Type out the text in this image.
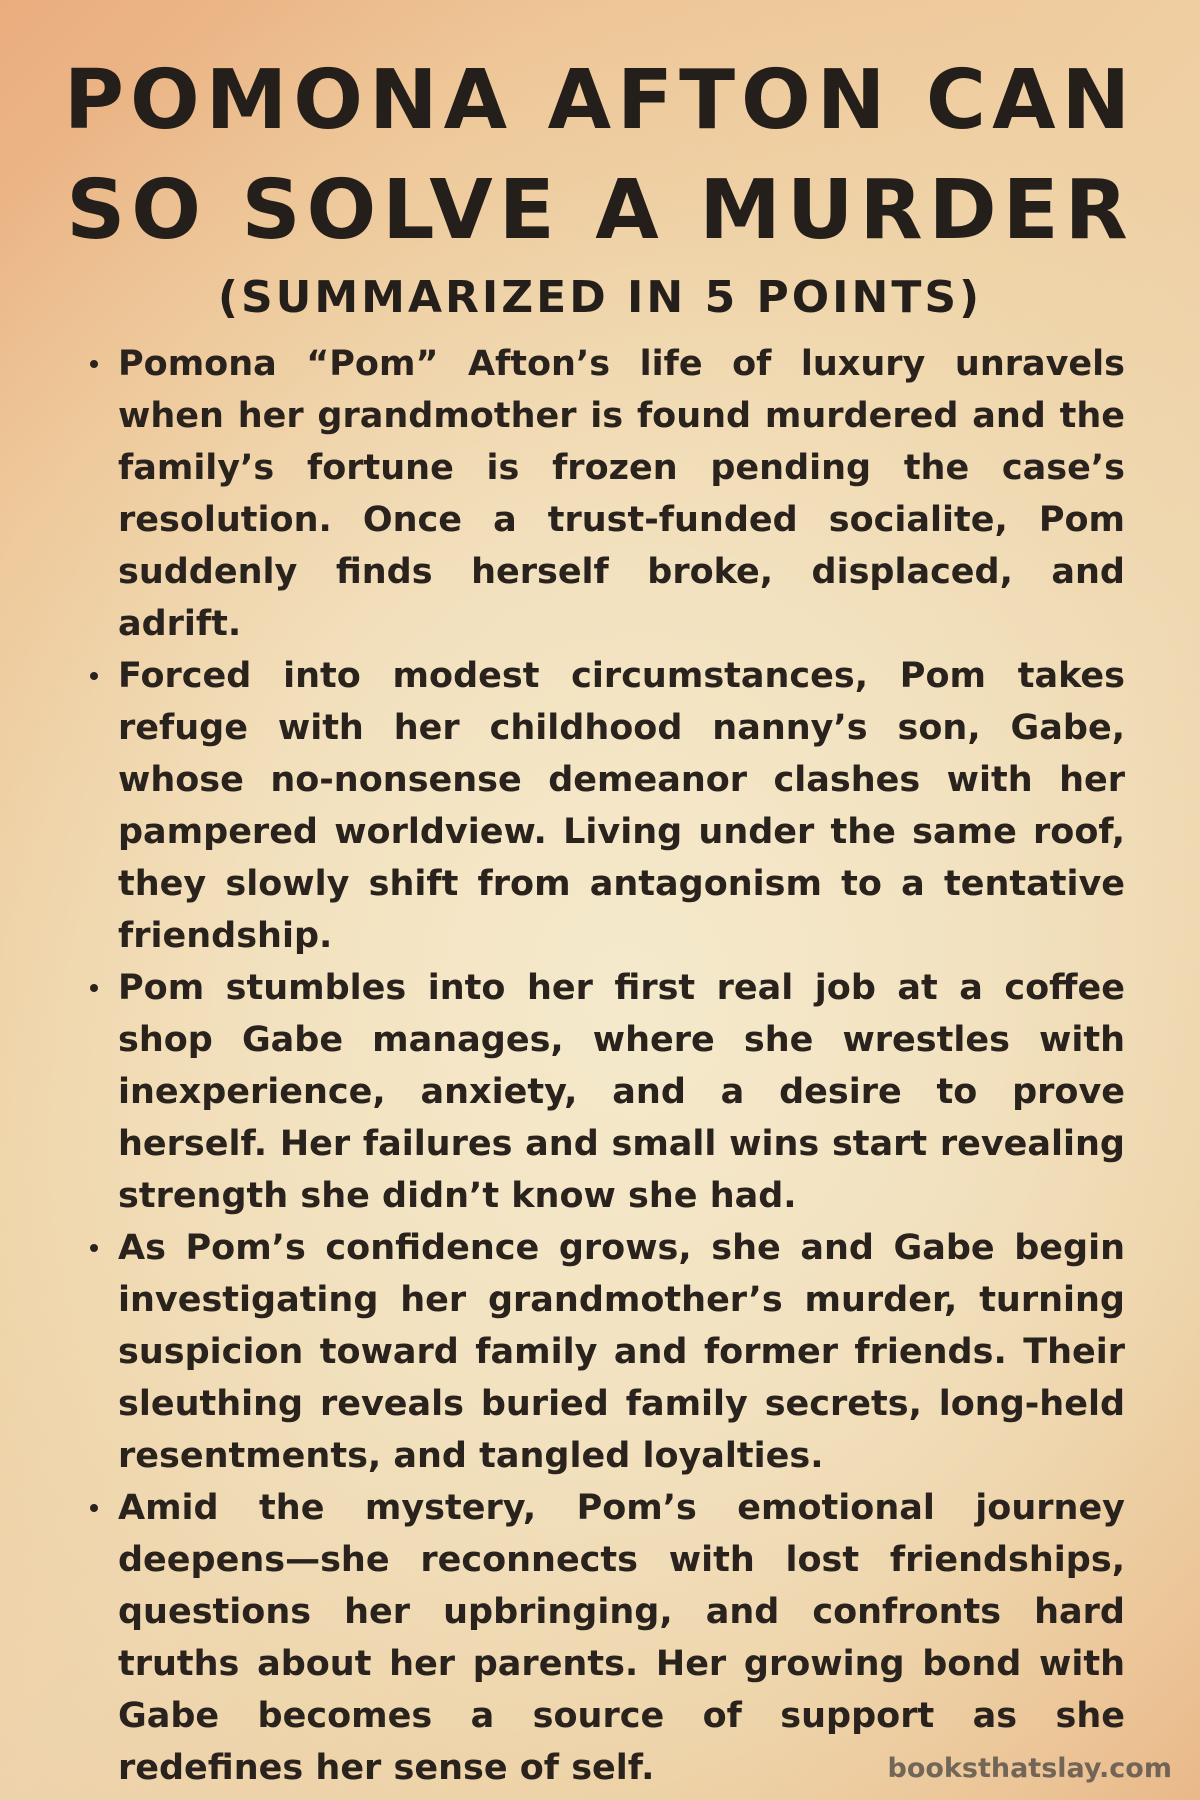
POMONA AFTON CAN
SO SOLVE A MURDER
(SUMMARIZED IN 5 POINTS)
Pomona “Pom” Afton’s life of luxury unravels when her grandmother is found murdered and the family’s fortune is frozen pending the case’s resolution. Once a trust-funded socialite, Pom suddenly finds herself broke, displaced, and adrift.
Forced into modest circumstances, Pom takes refuge with her childhood nanny’s son, Gabe, whose no-nonsense demeanor clashes with her pampered worldview. Living under the same roof, they slowly shift from antagonism to a tentative friendship.
Pom stumbles into her first real job at a coffee shop Gabe manages, where she wrestles with inexperience, anxiety, and a desire to prove herself. Her failures and small wins start revealing strength she didn’t know she had.
As Pom’s confidence grows, she and Gabe begin investigating her grandmother’s murder, turning suspicion toward family and former friends. Their sleuthing reveals buried family secrets, long-held resentments, and tangled loyalties.
Amid the mystery, Pom’s emotional journey deepens—she reconnects with lost friendships, questions her upbringing, and confronts hard truths about her parents. Her growing bond with Gabe becomes a source of support as she redefines her sense of self.	booksthatslay.com
